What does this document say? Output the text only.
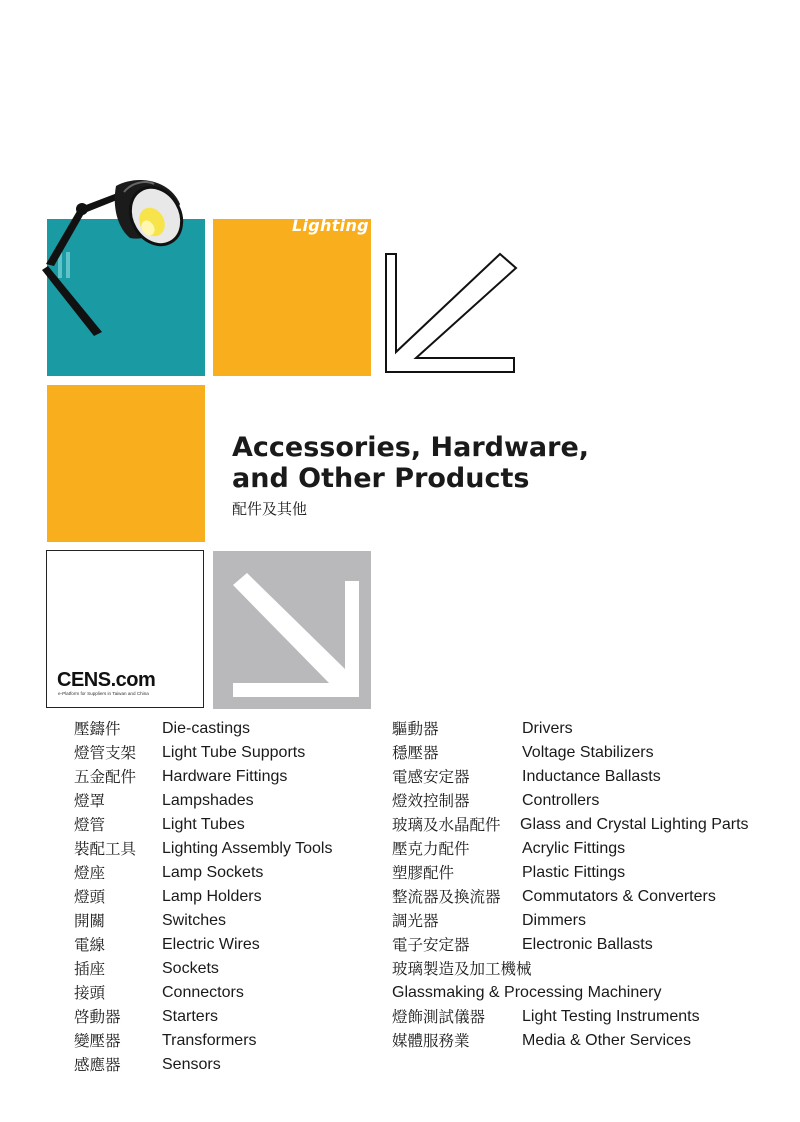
Lighting
Accessories, Hardware,
and Other Products
配件及其他
CENS.com
e-Platform for Suppliers in Taiwan and China
壓鑄件	Die-castings
燈管支架 Light Tube Supports
五金配件 Hardware Fittings
燈罩	Lampshades
燈管	Light Tubes
裝配工具 Lighting Assembly Tools
燈座	Lamp Sockets
燈頭	Lamp Holders
開關	Switches
電線	Electric Wires
插座	Sockets
接頭	Connectors
啓動器	Starters
變壓器	Transformers
感應器	Sensors
驅動器	Drivers
穩壓器	Voltage Stabilizers
電感安定器	Inductance Ballasts
燈效控制器	Controllers
玻璃及水晶配件 Glass and Crystal Lighting Parts
壓克力配件	Acrylic Fittings
塑膠配件	Plastic Fittings
整流器及換流器 Commutators & Converters
調光器	Dimmers
電子安定器	Electronic Ballasts
玻璃製造及加工機械
Glassmaking & Processing Machinery
燈飾測試儀器 Light Testing Instruments
媒體服務業	Media & Other Services
